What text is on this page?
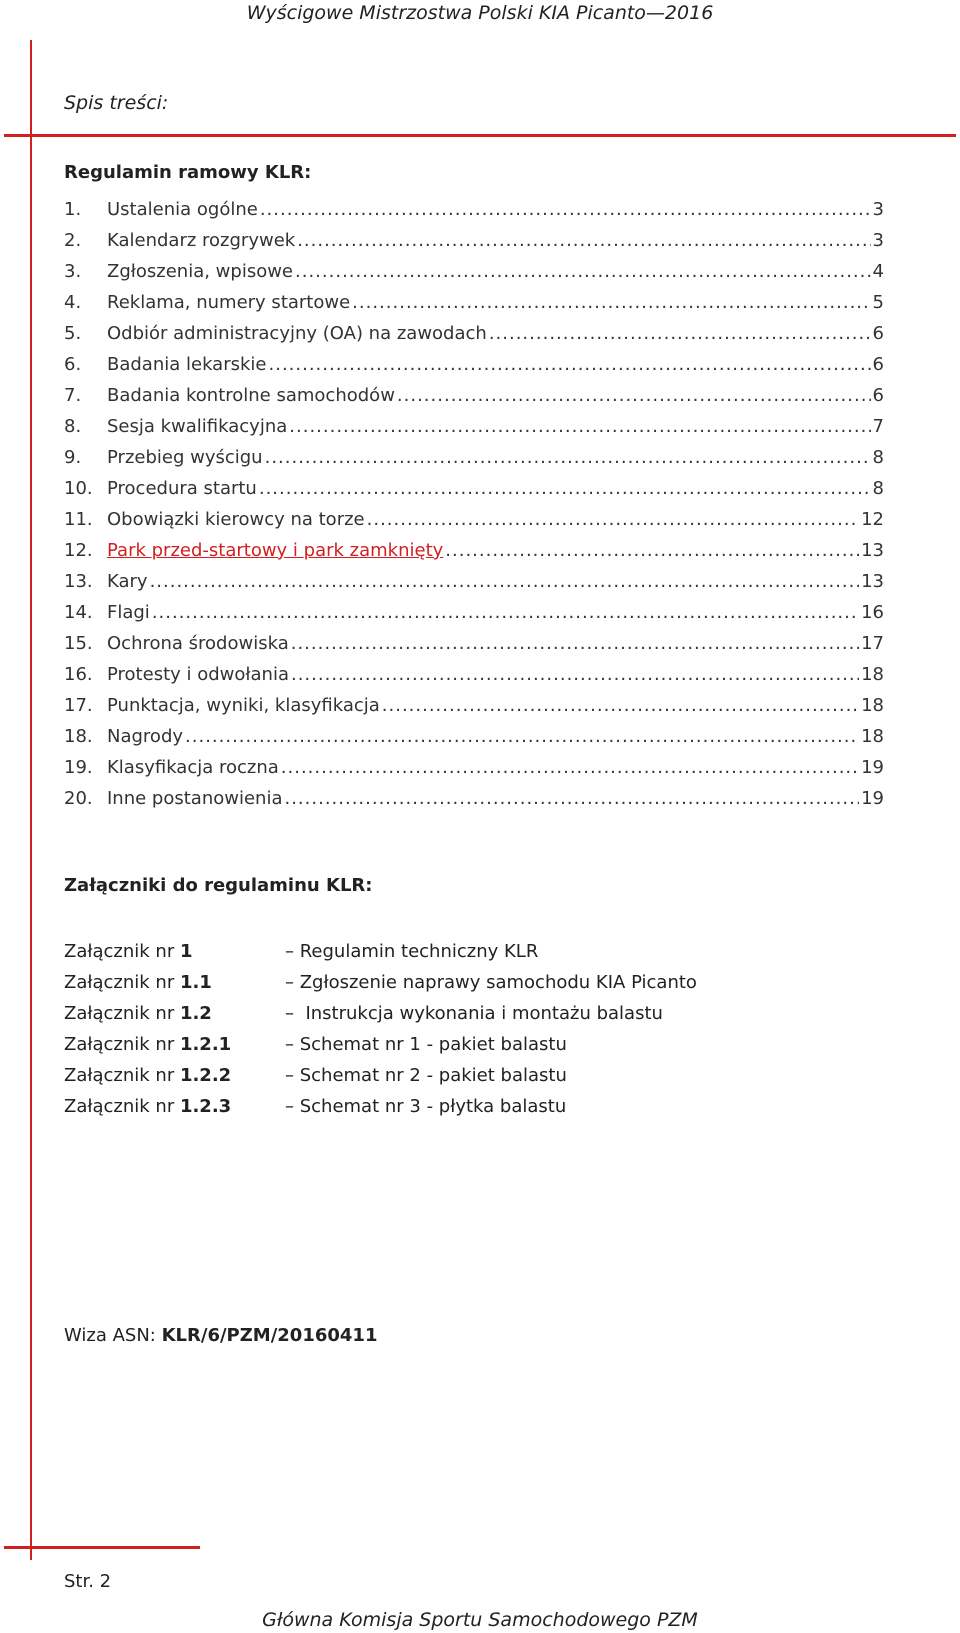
Wyścigowe Mistrzostwa Polski KIA Picanto—2016
Spis treści:
Regulamin ramowy KLR:
1.	Ustalenia ogólne .....	3
2.	Kalendarz rozgrywek .....	3
3.	Zgłoszenia, wpisowe .....	4
4.	Reklama, numery startowe .....	5
5.	Odbiór administracyjny (OA) na zawodach .....	6
6.	Badania lekarskie .....	6
7.	Badania kontrolne samochodów .....	6
8.	Sesja kwalifikacyjna .....	7
9.	Przebieg wyścigu .....	8
10. Procedura startu .....	8
11. Obowiązki kierowcy na torze .....	12
12. Park przed-startowy i park zamknięty .....	13
13. Kary .....	13
14. Flagi .....	16
15. Ochrona środowiska .....	17
16. Protesty i odwołania .....	18
17. Punktacja, wyniki, klasyfikacja .....	18
18. Nagrody .....	18
19. Klasyfikacja roczna .....	19
20. Inne postanowienia .....	19
Załączniki do regulaminu KLR:
Załącznik nr 1	– Regulamin techniczny KLR
Załącznik nr 1.1	– Zgłoszenie naprawy samochodu KIA Picanto
Załącznik nr 1.2	–  Instrukcja wykonania i montażu balastu
Załącznik nr 1.2.1	– Schemat nr 1 - pakiet balastu
Załącznik nr 1.2.2	– Schemat nr 2 - pakiet balastu
Załącznik nr 1.2.3	– Schemat nr 3 - płytka balastu
Wiza ASN: KLR/6/PZM/20160411
Str. 2
Główna Komisja Sportu Samochodowego PZM
